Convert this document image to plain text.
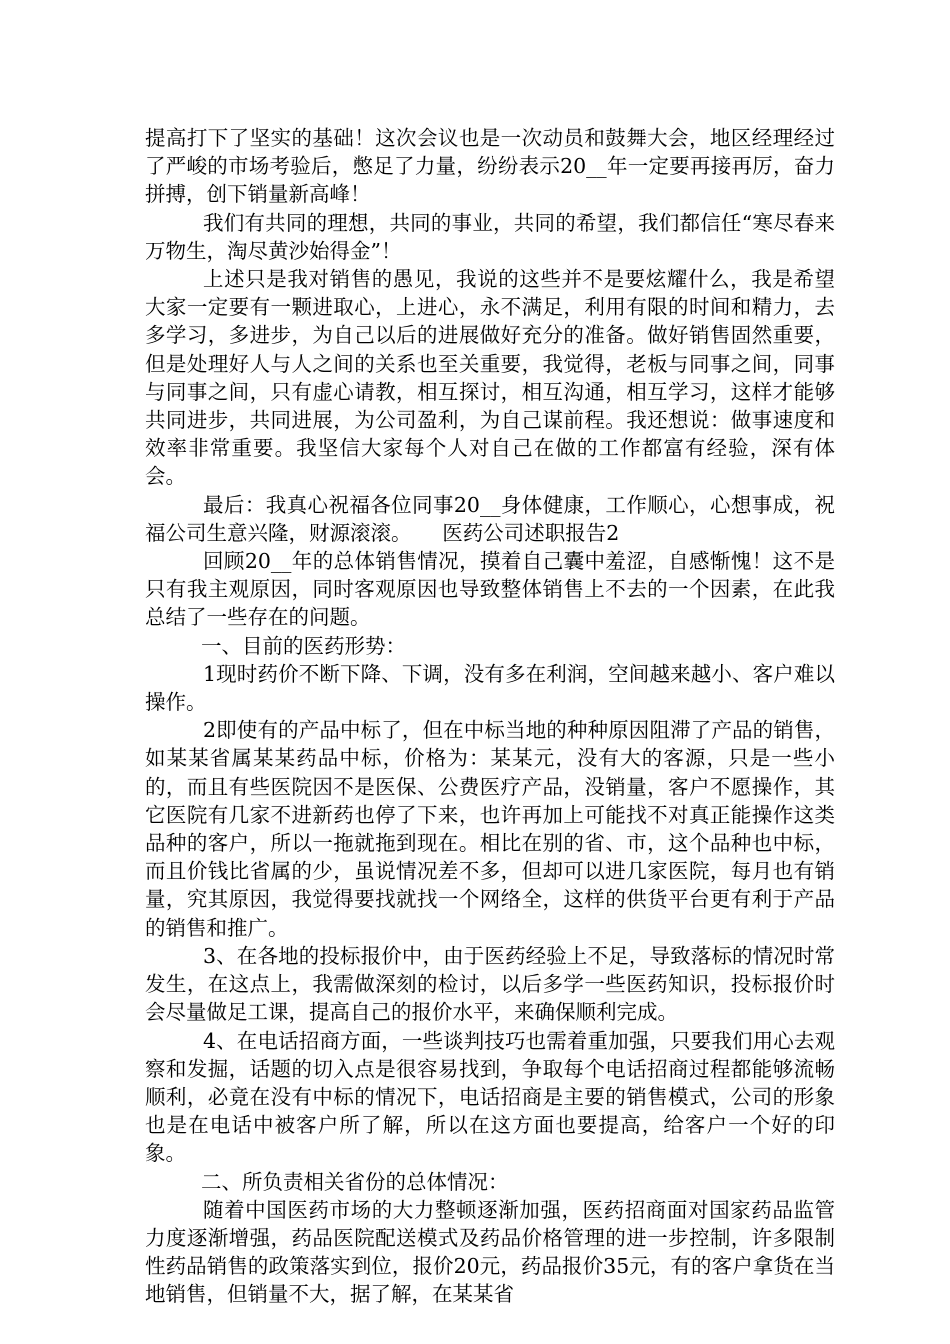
提高打下了坚实的基础！这次会议也是一次动员和鼓舞大会，地区经理经过了严峻的市场考验后，憋足了力量，纷纷表示20__年一定要再接再厉，奋力拼搏，创下销量新高峰！

我们有共同的理想，共同的事业，共同的希望，我们都信任“寒尽春来万物生，淘尽黄沙始得金”！

上述只是我对销售的愚见，我说的这些并不是要炫耀什么，我是希望大家一定要有一颗进取心，上进心，永不满足，利用有限的时间和精力，去多学习，多进步，为自己以后的进展做好充分的准备。做好销售固然重要，但是处理好人与人之间的关系也至关重要，我觉得，老板与同事之间，同事与同事之间，只有虚心请教，相互探讨，相互沟通，相互学习，这样才能够共同进步，共同进展，为公司盈利，为自己谋前程。我还想说：做事速度和效率非常重要。我坚信大家每个人对自己在做的工作都富有经验，深有体会。

最后：我真心祝福各位同事20__身体健康，工作顺心，心想事成，祝福公司生意兴隆，财源滚滚。　　医药公司述职报告2

回顾20__年的总体销售情况，摸着自己囊中羞涩，自感惭愧！这不是只有我主观原因，同时客观原因也导致整体销售上不去的一个因素，在此我总结了一些存在的问题。

一、目前的医药形势：

1现时药价不断下降、下调，没有多在利润，空间越来越小、客户难以操作。

2即使有的产品中标了，但在中标当地的种种原因阻滞了产品的销售，如某某省属某某药品中标，价格为：某某元，没有大的客源，只是一些小的，而且有些医院因不是医保、公费医疗产品，没销量，客户不愿操作，其它医院有几家不进新药也停了下来，也许再加上可能找不对真正能操作这类品种的客户，所以一拖就拖到现在。相比在别的省、市，这个品种也中标，而且价钱比省属的少，虽说情况差不多，但却可以进几家医院，每月也有销量，究其原因，我觉得要找就找一个网络全，这样的供货平台更有利于产品的销售和推广。

3、在各地的投标报价中，由于医药经验上不足，导致落标的情况时常发生，在这点上，我需做深刻的检讨，以后多学一些医药知识，投标报价时会尽量做足工课，提高自己的报价水平，来确保顺利完成。

4、在电话招商方面，一些谈判技巧也需着重加强，只要我们用心去观察和发掘，话题的切入点是很容易找到，争取每个电话招商过程都能够流畅顺利，必竟在没有中标的情况下，电话招商是主要的销售模式，公司的形象也是在电话中被客户所了解，所以在这方面也要提高，给客户一个好的印象。

二、所负责相关省份的总体情况：

随着中国医药市场的大力整顿逐渐加强，医药招商面对国家药品监管力度逐渐增强，药品医院配送模式及药品价格管理的进一步控制，许多限制性药品销售的政策落实到位，报价20元，药品报价35元，有的客户拿货在当地销售，但销量不大，据了解，在某某省
